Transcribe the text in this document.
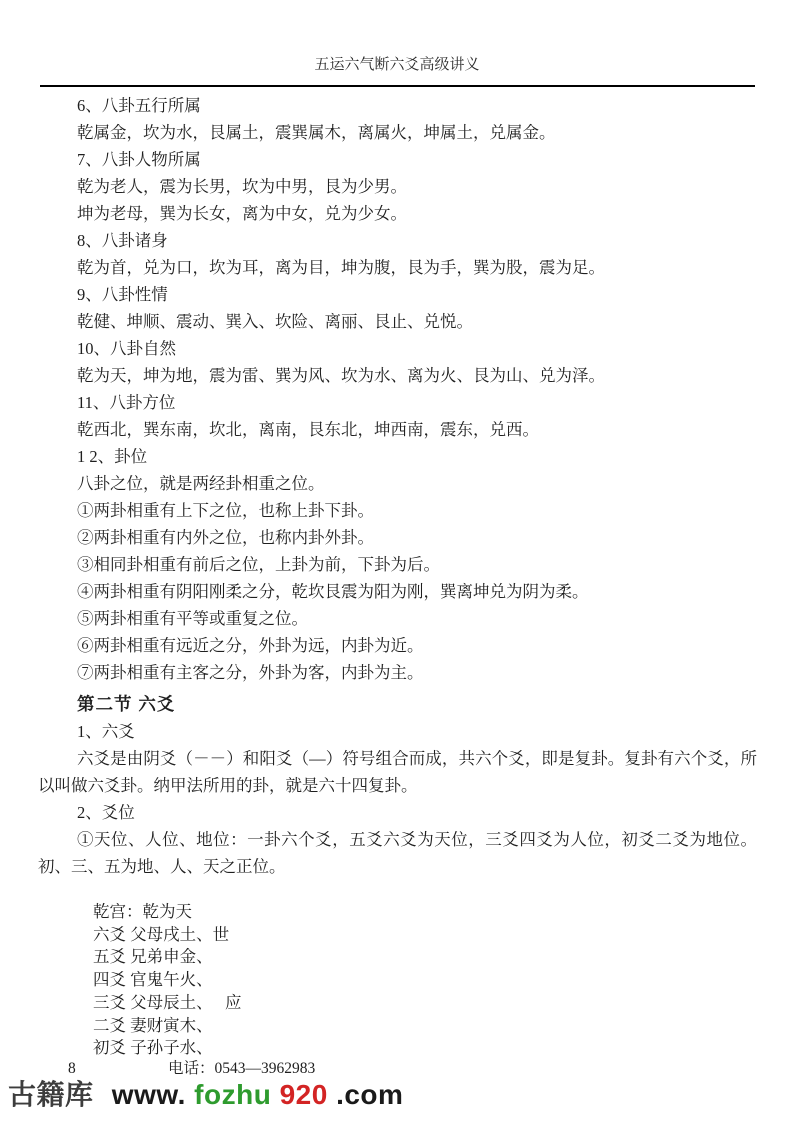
五运六气断六爻高级讲义

6、八卦五行所属

乾属金，坎为水，艮属土，震巽属木，离属火，坤属土，兑属金。

7、八卦人物所属

乾为老人，震为长男，坎为中男，艮为少男。

坤为老母，巽为长女，离为中女，兑为少女。

8、八卦诸身

乾为首，兑为口，坎为耳，离为目，坤为腹，艮为手，巽为股，震为足。

9、八卦性情

乾健、坤顺、震动、巽入、坎险、离丽、艮止、兑悦。

10、八卦自然

乾为天，坤为地，震为雷、巽为风、坎为水、离为火、艮为山、兑为泽。

11、八卦方位

乾西北，巽东南，坎北，离南，艮东北，坤西南，震东，兑西。

1 2、卦位

八卦之位，就是两经卦相重之位。

①两卦相重有上下之位，也称上卦下卦。

②两卦相重有内外之位，也称内卦外卦。

③相同卦相重有前后之位，上卦为前，下卦为后。

④两卦相重有阴阳刚柔之分，乾坎艮震为阳为刚，巽离坤兑为阴为柔。

⑤两卦相重有平等或重复之位。

⑥两卦相重有远近之分，外卦为远，内卦为近。

⑦两卦相重有主客之分，外卦为客，内卦为主。

第二节 六爻

1、六爻

六爻是由阴爻（－－）和阳爻（—）符号组合而成，共六个爻，即是复卦。复卦有六个爻，所以叫做六爻卦。纳甲法所用的卦，就是六十四复卦。

2、爻位

①天位、人位、地位：一卦六个爻，五爻六爻为天位，三爻四爻为人位，初爻二爻为地位。初、三、五为地、人、天之正位。

乾宫：乾为天

六爻 父母戌土、世

五爻 兄弟申金、

四爻 官鬼午火、

三爻 父母辰土、　 应

二爻 妻财寅木、

初爻 子孙子水、

8	电话：0543—3962983
古籍库 www. fozhu 920 .com
